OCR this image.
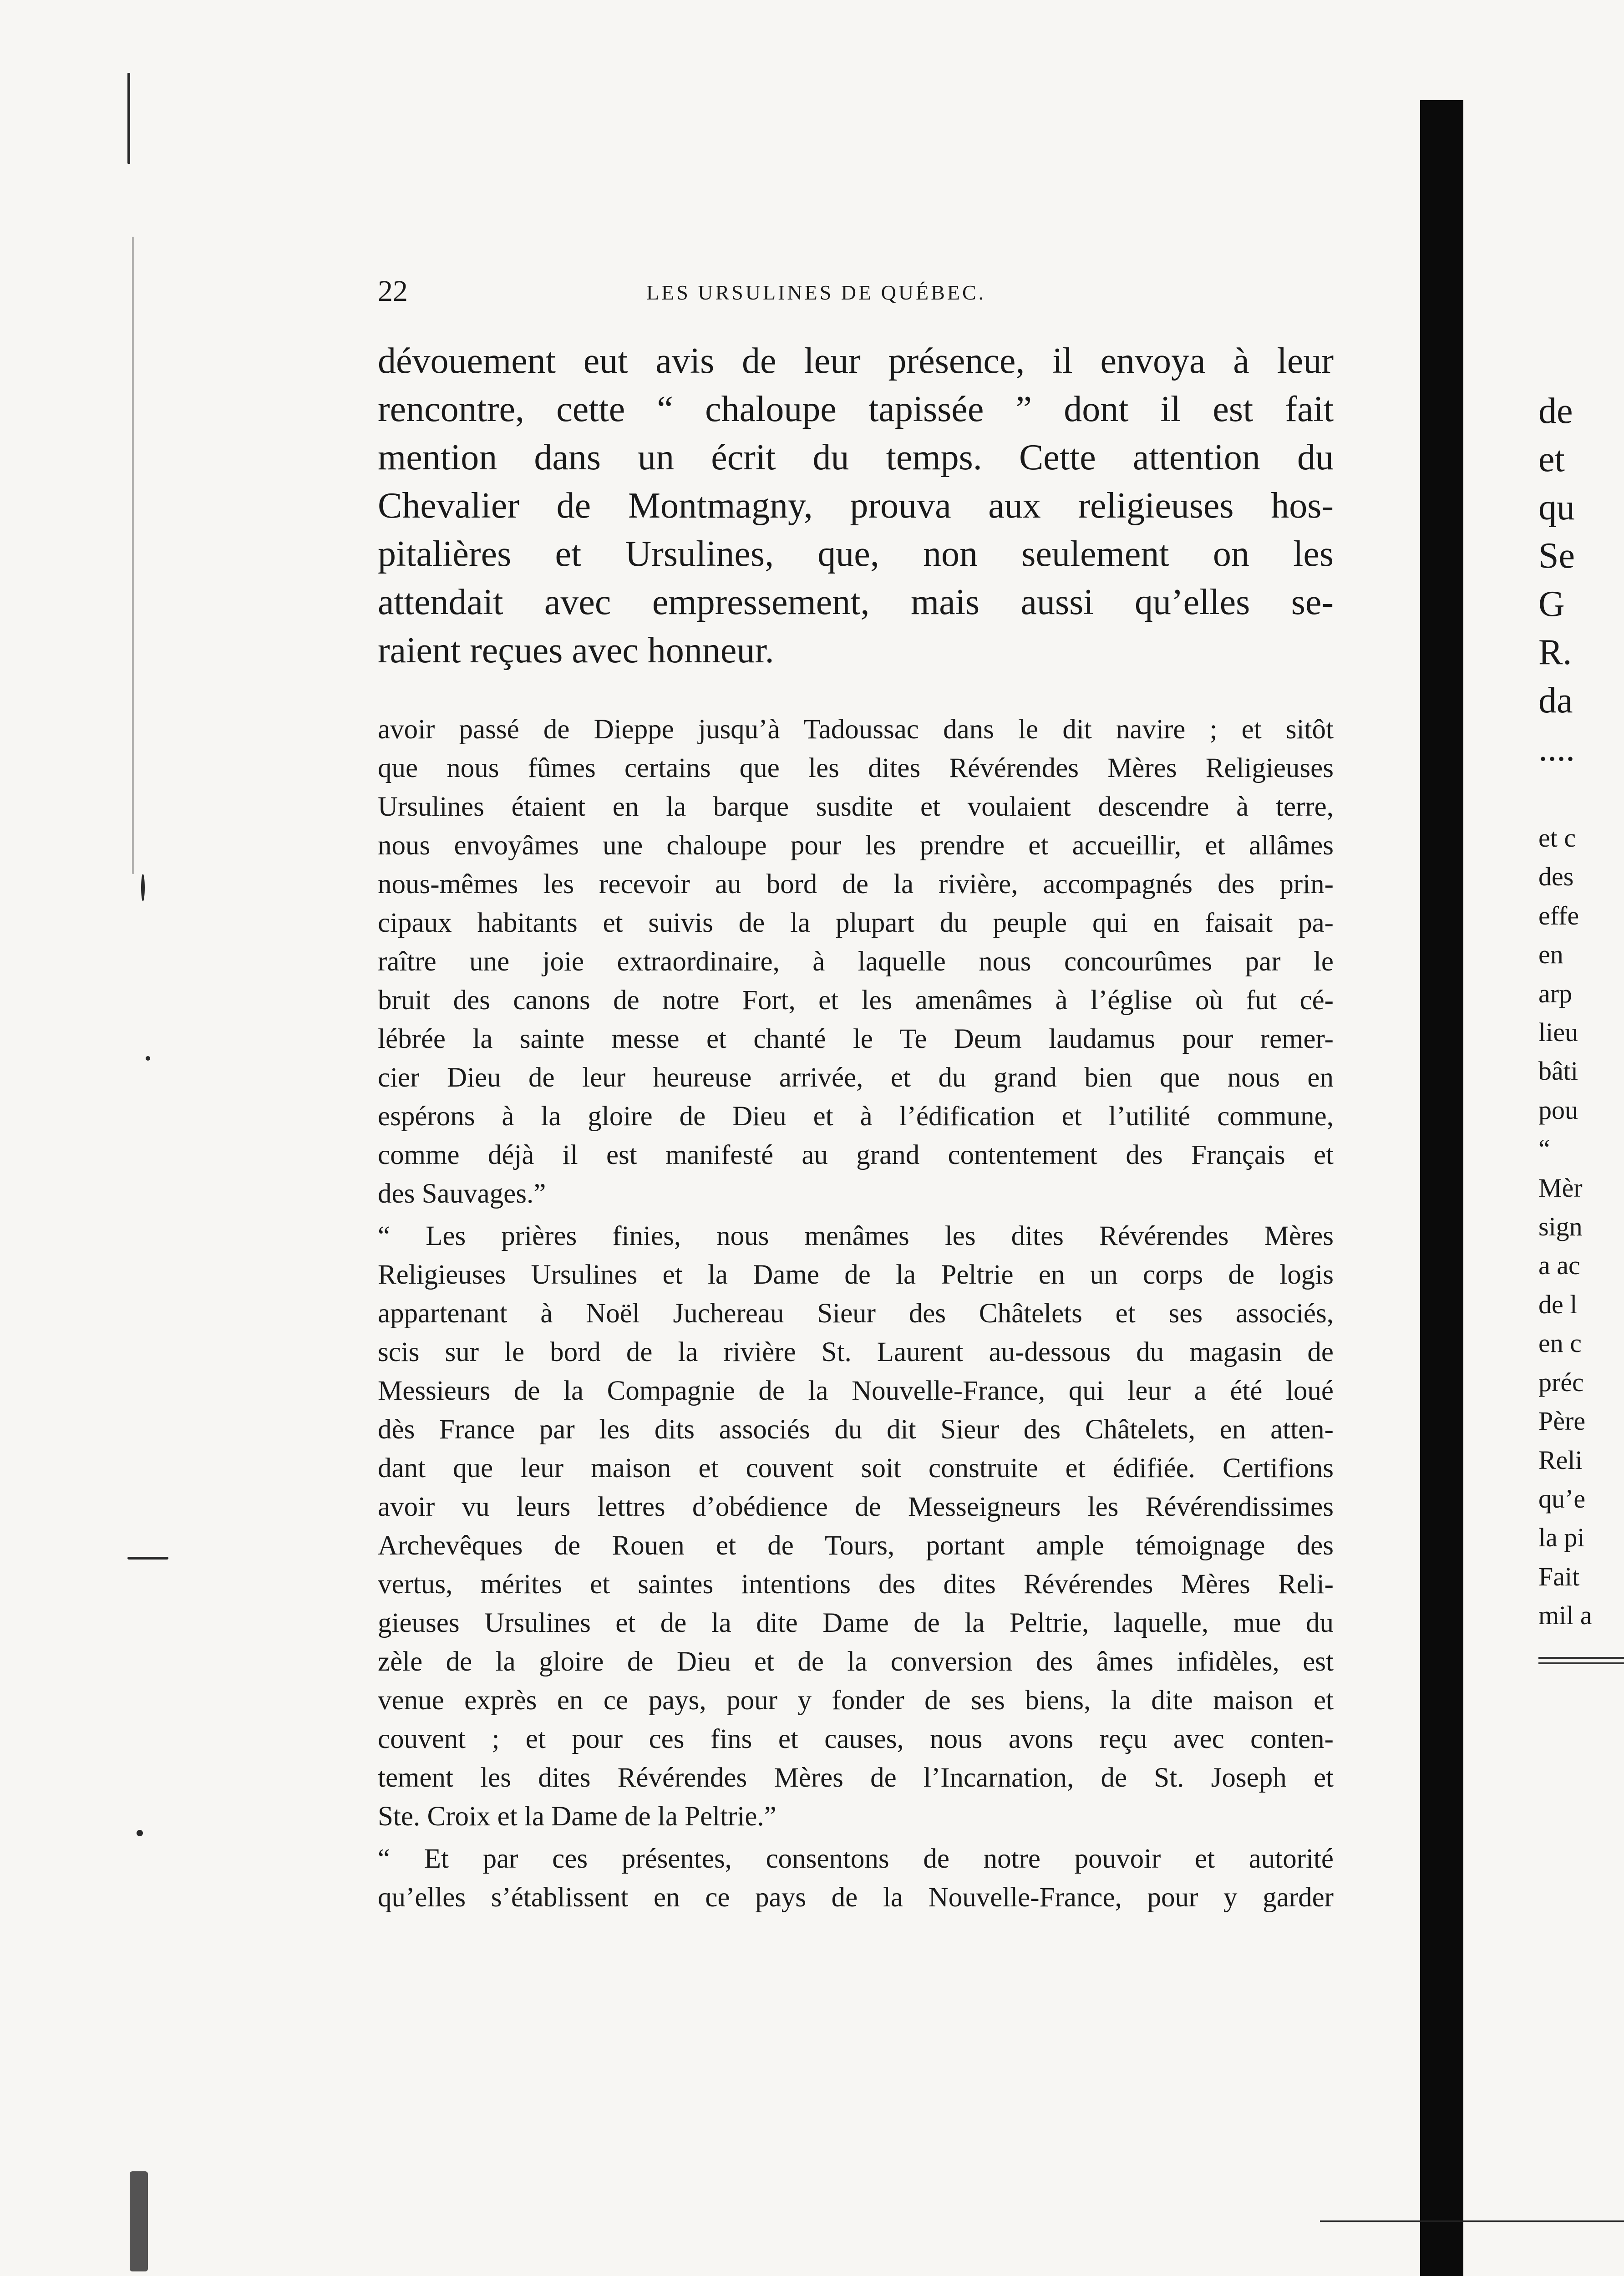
22	LES URSULINES DE QUÉBEC.
dévouement eut avis de leur présence, il envoya à leur
rencontre, cette “ chaloupe tapissée ” dont il est fait
mention dans un écrit du temps. Cette attention du
Chevalier de Montmagny, prouva aux religieuses hos-
pitalières et Ursulines, que, non seulement on les
attendait avec empressement, mais aussi qu’elles se-
raient reçues avec honneur.
avoir passé de Dieppe jusqu’à Tadoussac dans le dit navire ; et sitôt
que nous fûmes certains que les dites Révérendes Mères Religieuses
Ursulines étaient en la barque susdite et voulaient descendre à terre,
nous envoyâmes une chaloupe pour les prendre et accueillir, et allâmes
nous-mêmes les recevoir au bord de la rivière, accompagnés des prin-
cipaux habitants et suivis de la plupart du peuple qui en faisait pa-
raître une joie extraordinaire, à laquelle nous concourûmes par le
bruit des canons de notre Fort, et les amenâmes à l’église où fut cé-
lébrée la sainte messe et chanté le Te Deum laudamus pour remer-
cier Dieu de leur heureuse arrivée, et du grand bien que nous en
espérons à la gloire de Dieu et à l’édification et l’utilité commune,
comme déjà il est manifesté au grand contentement des Français et
des Sauvages.”
“ Les prières finies, nous menâmes les dites Révérendes Mères
Religieuses Ursulines et la Dame de la Peltrie en un corps de logis
appartenant à Noël Juchereau Sieur des Châtelets et ses associés,
scis sur le bord de la rivière St. Laurent au-dessous du magasin de
Messieurs de la Compagnie de la Nouvelle-France, qui leur a été loué
dès France par les dits associés du dit Sieur des Châtelets, en atten-
dant que leur maison et couvent soit construite et édifiée. Certifions
avoir vu leurs lettres d’obédience de Messeigneurs les Révérendissimes
Archevêques de Rouen et de Tours, portant ample témoignage des
vertus, mérites et saintes intentions des dites Révérendes Mères Reli-
gieuses Ursulines et de la dite Dame de la Peltrie, laquelle, mue du
zèle de la gloire de Dieu et de la conversion des âmes infidèles, est
venue exprès en ce pays, pour y fonder de ses biens, la dite maison et
couvent ; et pour ces fins et causes, nous avons reçu avec conten-
tement les dites Révérendes Mères de l’Incarnation, de St. Joseph et
Ste. Croix et la Dame de la Peltrie.”
“ Et par ces présentes, consentons de notre pouvoir et autorité
qu’elles s’établissent en ce pays de la Nouvelle-France, pour y garder
de
et
qu
Se
G
R.
da
....
et c
des
effe
en
arp
lieu
bâti
pou
“
Mèr
sign
a ac
de l
en c
préc
Père
Reli
qu’e
la pi
Fait
mil a
